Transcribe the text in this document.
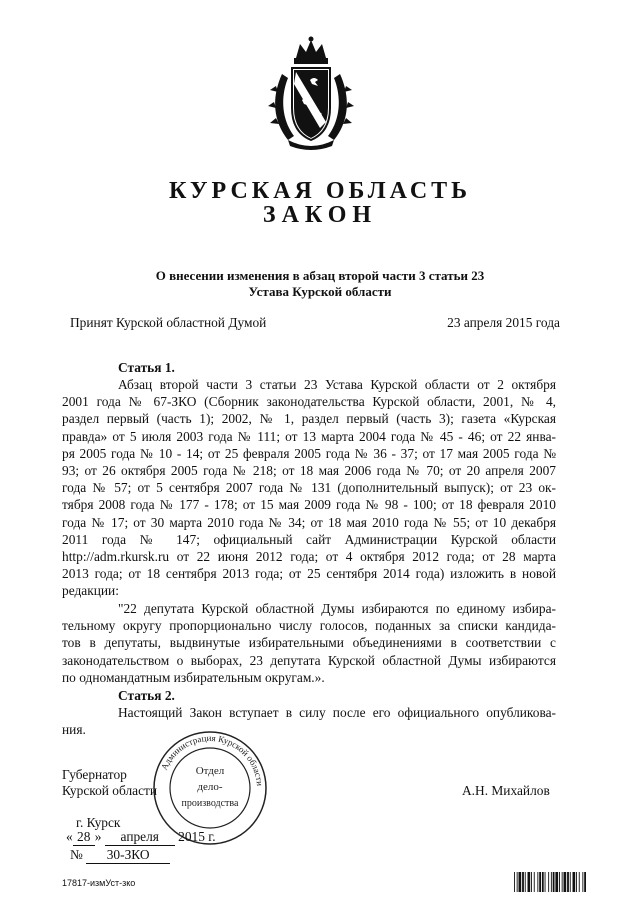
КУРСКАЯ ОБЛАСТЬ
ЗАКОН
О внесении изменения в абзац второй части 3 статьи 23
Устава Курской области
Принят Курской областной Думой	23 апреля 2015 года
Статья 1.
Абзац второй части 3 статьи 23 Устава Курской области от 2 октября
2001 года № 67-ЗКО (Сборник законодательства Курской области, 2001, № 4,
раздел первый (часть 1); 2002, № 1, раздел первый (часть 3); газета «Курская
правда» от 5 июля 2003 года № 111; от 13 марта 2004 года № 45 - 46; от 22 янва-
ря 2005 года № 10 - 14; от 25 февраля 2005 года № 36 - 37; от 17 мая 2005 года №
93; от 26 октября 2005 года № 218; от 18 мая 2006 года № 70; от 20 апреля 2007
года № 57; от 5 сентября 2007 года № 131 (дополнительный выпуск); от 23 ок-
тября 2008 года № 177 - 178; от 15 мая 2009 года № 98 - 100; от 18 февраля 2010
года № 17; от 30 марта 2010 года № 34; от 18 мая 2010 года № 55; от 10 декабря
2011 года № 147; официальный сайт Администрации Курской области
http://adm.rkursk.ru от 22 июня 2012 года; от 4 октября 2012 года; от 28 марта
2013 года; от 18 сентября 2013 года; от 25 сентября 2014 года) изложить в новой
редакции:
"22 депутата Курской областной Думы избираются по единому избира-
тельному округу пропорционально числу голосов, поданных за списки кандида-
тов в депутаты, выдвинутые избирательными объединениями в соответствии с
законодательством о выборах, 23 депутата Курской областной Думы избираются
по одномандатным избирательным округам.».
Статья 2.
Настоящий Закон вступает в силу после его официального опубликова-
ния.
Администрация Курской области
Отдел
дело-
производства
Губернатор
Курской области	А.Н. Михайлов
г. Курск
« 28 » апреля 2015 г.
№ 30-ЗКО
17817-измУст-зко
